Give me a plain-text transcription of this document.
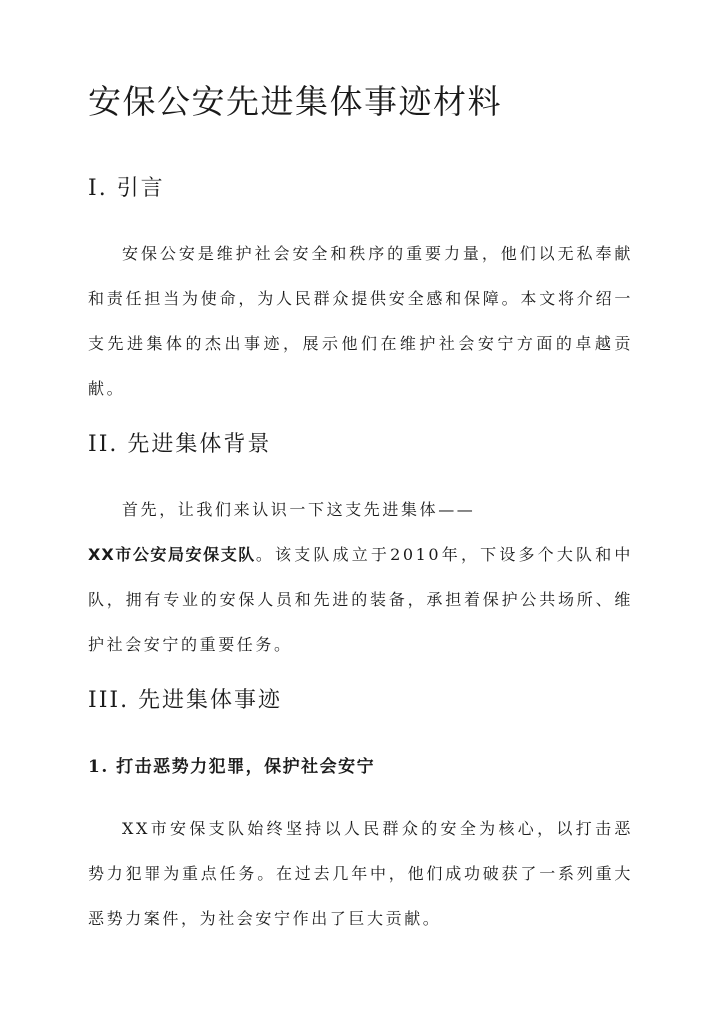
安保公安先进集体事迹材料
I. 引言

安保公安是维护社会安全和秩序的重要力量，他们以无私奉献和责任担当为使命，为人民群众提供安全感和保障。本文将介绍一支先进集体的杰出事迹，展示他们在维护社会安宁方面的卓越贡献。

II. 先进集体背景

首先，让我们来认识一下这支先进集体——

XX市公安局安保支队。该支队成立于2010年，下设多个大队和中队，拥有专业的安保人员和先进的装备，承担着保护公共场所、维护社会安宁的重要任务。

III. 先进集体事迹
1. 打击恶势力犯罪，保护社会安宁

XX市安保支队始终坚持以人民群众的安全为核心，以打击恶势力犯罪为重点任务。在过去几年中，他们成功破获了一系列重大恶势力案件，为社会安宁作出了巨大贡献。
